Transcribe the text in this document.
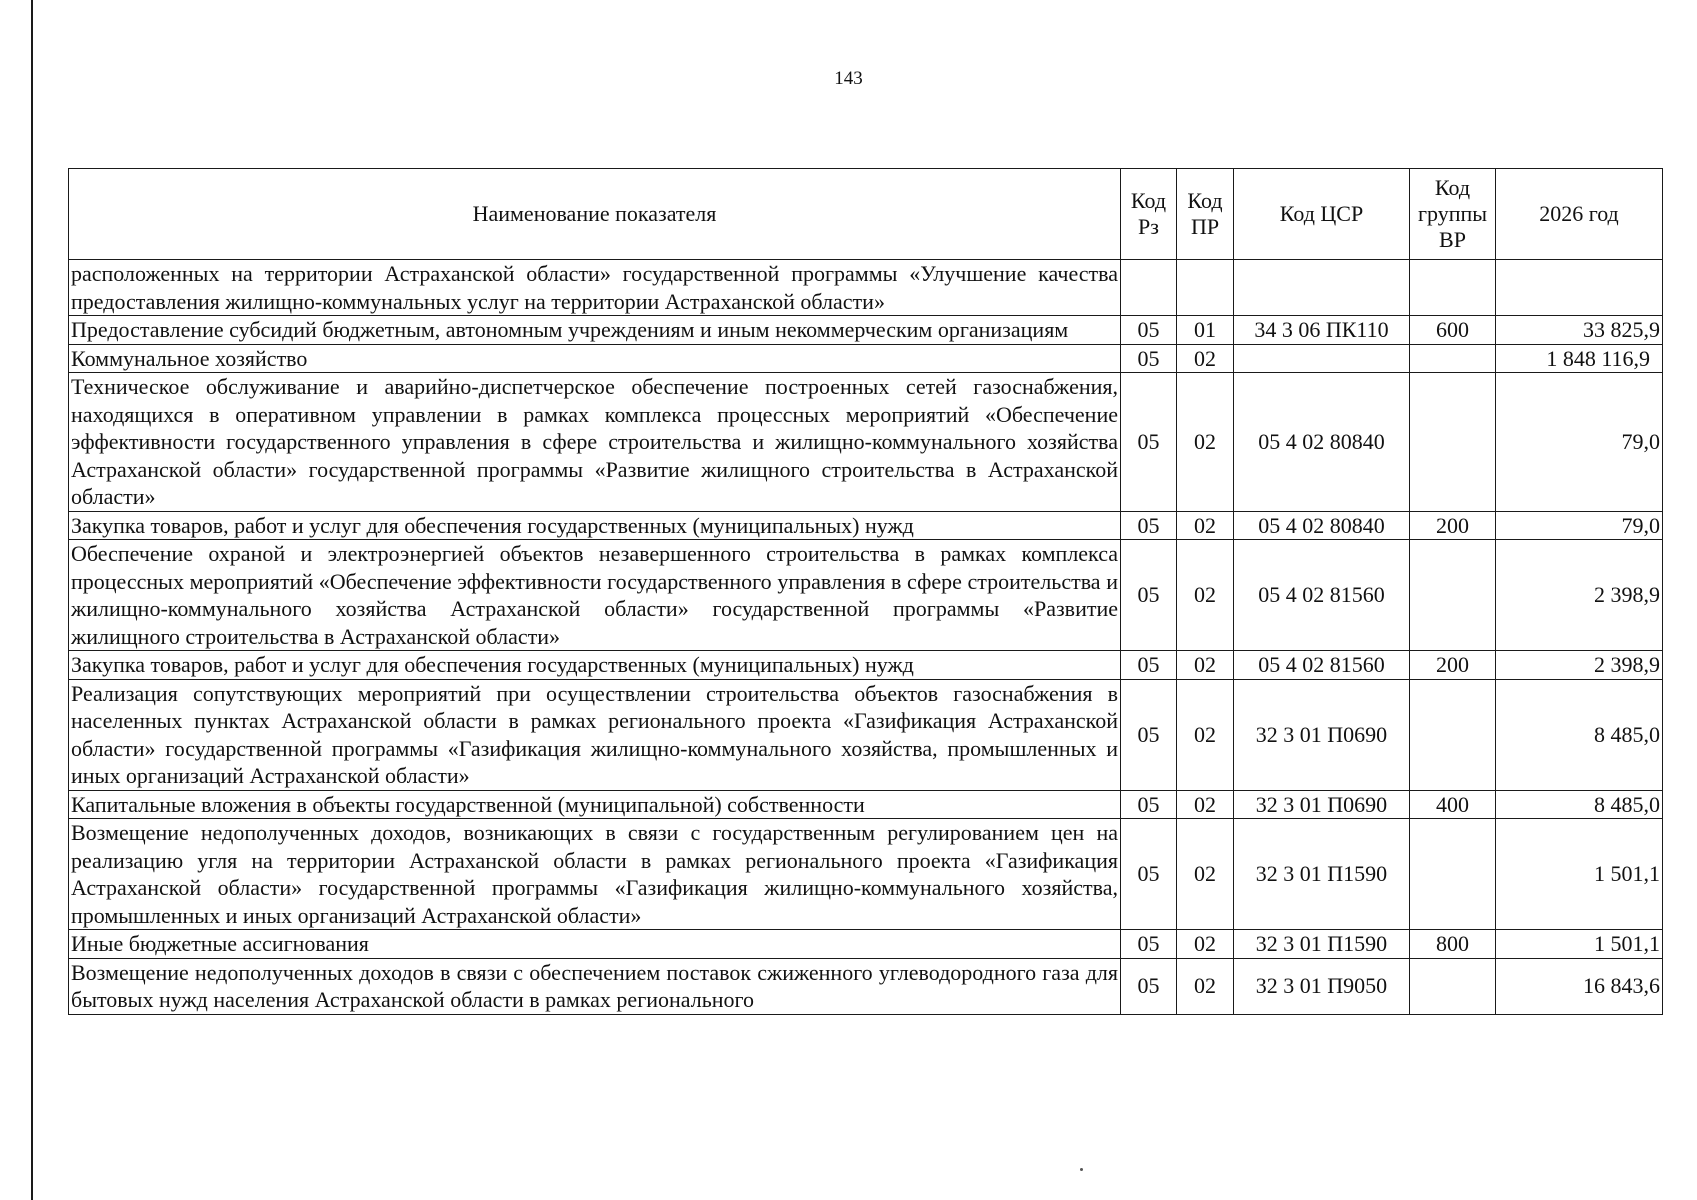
143
Наименование показателя	Код Рз	Код ПР	Код ЦСР	Код группы ВР	2026 год
расположенных на территории Астраханской области» государственной программы «Улучшение качества предоставления жилищно-коммунальных услуг на территории Астраханской области»					
Предоставление субсидий бюджетным, автономным учреждениям и иным некоммерческим организациям	05	01	34 3 06 ПК110	600	33 825,9
Коммунальное хозяйство	05	02			1 848 116,9
Техническое обслуживание и аварийно-диспетчерское обеспечение построенных сетей газоснабжения, находящихся в оперативном управлении в рамках комплекса процессных мероприятий «Обеспечение эффективности государственного управления в сфере строительства и жилищно-коммунального хозяйства Астраханской области» государственной программы «Развитие жилищного строительства в Астраханской области»	05	02	05 4 02 80840		79,0
Закупка товаров, работ и услуг для обеспечения государственных (муниципальных) нужд	05	02	05 4 02 80840	200	79,0
Обеспечение охраной и электроэнергией объектов незавершенного строительства в рамках комплекса процессных мероприятий «Обеспечение эффективности государственного управления в сфере строительства и жилищно-коммунального хозяйства Астраханской области» государственной программы «Развитие жилищного строительства в Астраханской области»	05	02	05 4 02 81560		2 398,9
Закупка товаров, работ и услуг для обеспечения государственных (муниципальных) нужд	05	02	05 4 02 81560	200	2 398,9
Реализация сопутствующих мероприятий при осуществлении строительства объектов газоснабжения в населенных пунктах Астраханской области в рамках регионального проекта «Газификация Астраханской области» государственной программы «Газификация жилищно-коммунального хозяйства, промышленных и иных организаций Астраханской области»	05	02	32 3 01 П0690		8 485,0
Капитальные вложения в объекты государственной (муниципальной) собственности	05	02	32 3 01 П0690	400	8 485,0
Возмещение недополученных доходов, возникающих в связи с государственным регулированием цен на реализацию угля на территории Астраханской области в рамках регионального проекта «Газификация Астраханской области» государственной программы «Газификация жилищно-коммунального хозяйства, промышленных и иных организаций Астраханской области»	05	02	32 3 01 П1590		1 501,1
Иные бюджетные ассигнования	05	02	32 3 01 П1590	800	1 501,1
Возмещение недополученных доходов в связи с обеспечением поставок сжиженного углеводородного газа для бытовых нужд населения Астраханской области в рамках регионального	05	02	32 3 01 П9050		16 843,6
